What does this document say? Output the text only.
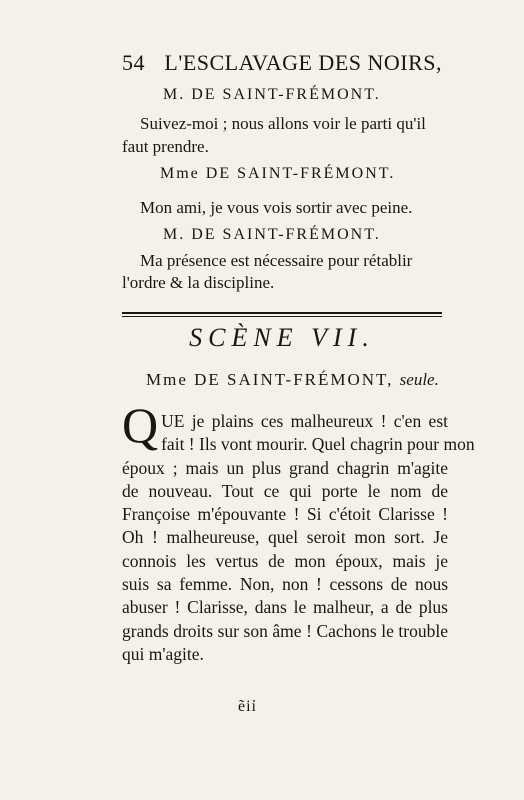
54 L'ESCLAVAGE DES NOIRS,
M. DE SAINT-FRÉMONT.
Suivez-moi ; nous allons voir le parti qu'il
faut prendre.
Mme DE SAINT-FRÉMONT.
Mon ami, je vous vois sortir avec peine.
M. DE SAINT-FRÉMONT.
Ma présence est nécessaire pour rétablir
l'ordre & la discipline.
SCÈNE VII.
Mme DE SAINT-FRÉMONT, seule.
Q UE je plains ces malheureux ! c'en est
fait ! Ils vont mourir. Quel chagrin pour mon
époux ; mais un plus grand chagrin m'agite
de nouveau. Tout ce qui porte le nom de
Françoise m'épouvante ! Si c'étoit Clarisse !
Oh ! malheureuse, quel seroit mon sort. Je
connois les vertus de mon époux, mais je
suis sa femme. Non, non ! cessons de nous
abuser ! Clarisse, dans le malheur, a de plus
grands droits sur son âme ! Cachons le trouble
qui m'agite.
ẽiỉ
